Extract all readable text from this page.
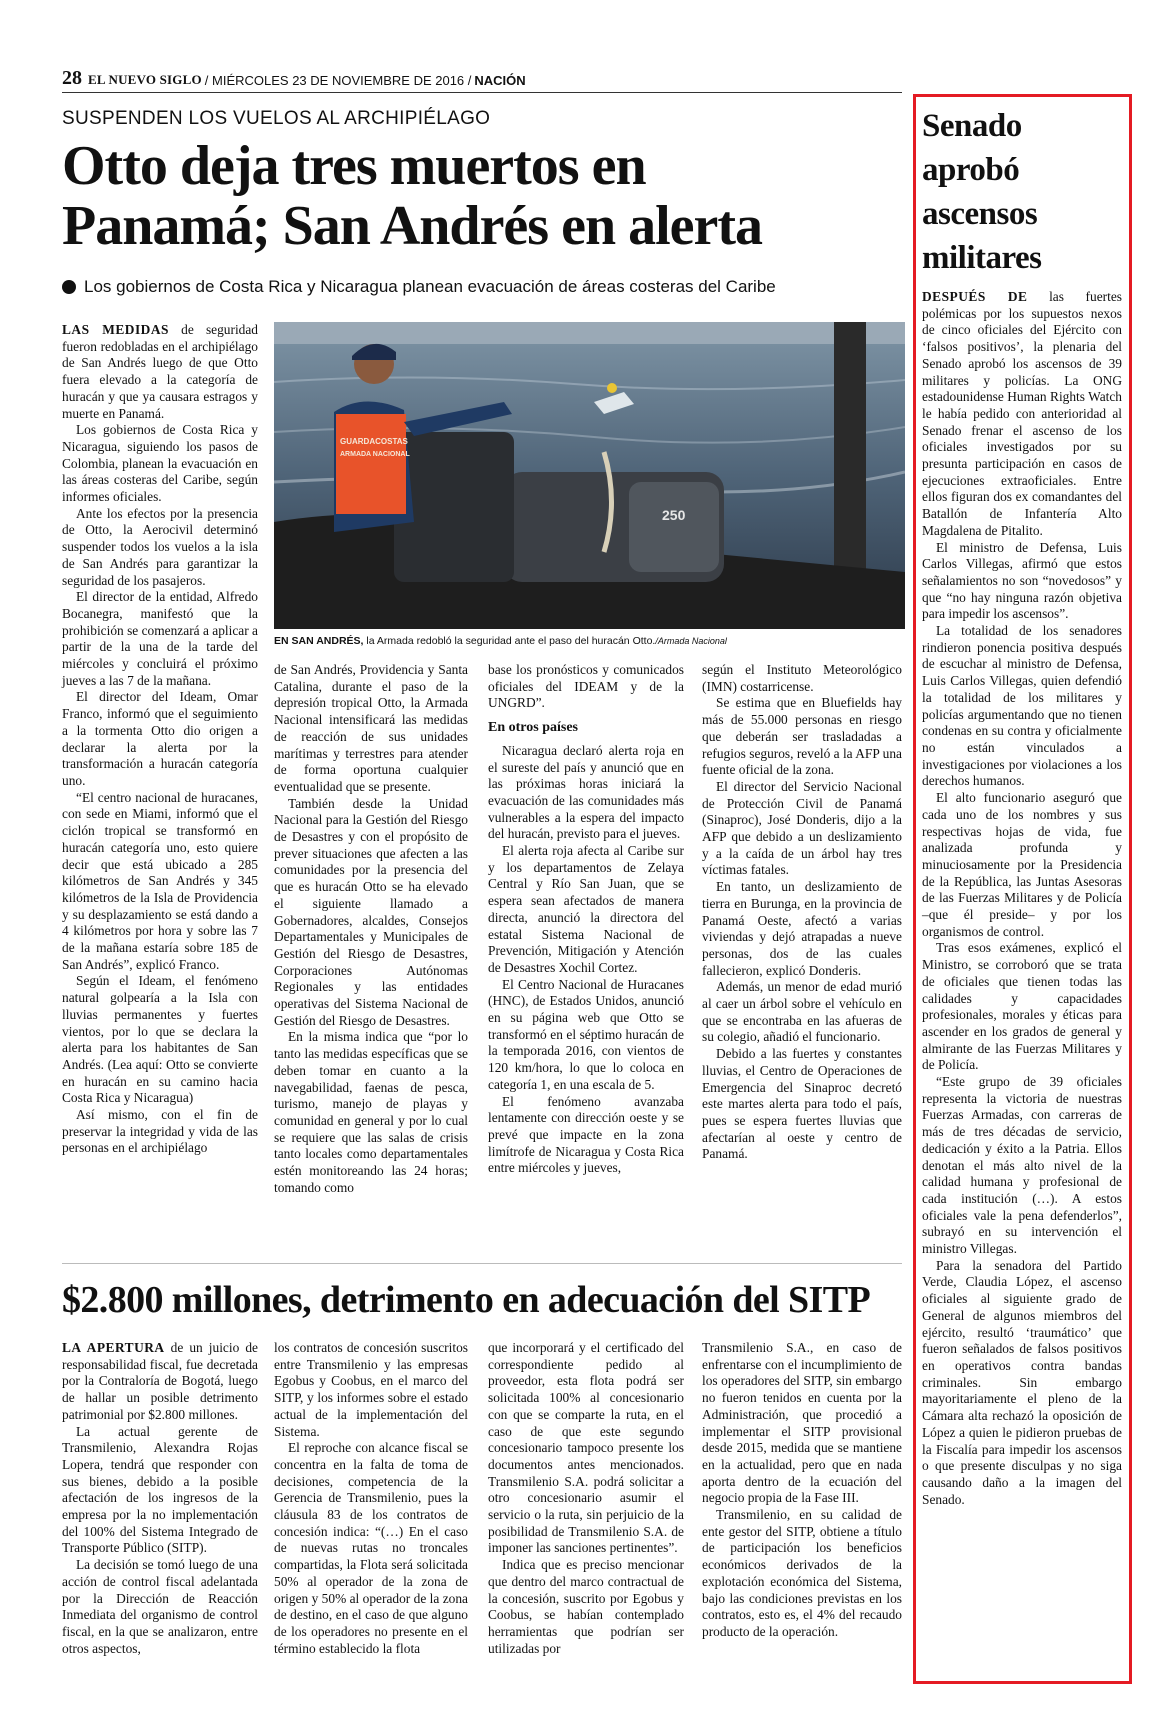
28 EL NUEVO SIGLO / MIÉRCOLES 23 DE NOVIEMBRE DE 2016 / NACIÓN
SUSPENDEN LOS VUELOS AL ARCHIPIÉLAGO
Otto deja tres muertos en
Panamá; San Andrés en alerta
Los gobiernos de Costa Rica y Nicaragua planean evacuación de áreas costeras del Caribe

LAS MEDIDAS de seguridad fueron redobladas en el archipiélago de San Andrés luego de que Otto fuera elevado a la categoría de huracán y que ya causara estragos y muerte en Panamá.

Los gobiernos de Costa Rica y Nicaragua, siguiendo los pasos de Colombia, planean la evacuación en las áreas costeras del Caribe, según informes oficiales.

Ante los efectos por la presencia de Otto, la Aerocivil determinó suspender todos los vuelos a la isla de San Andrés para garantizar la seguridad de los pasajeros.

El director de la entidad, Alfredo Bocanegra, manifestó que la prohibición se comenzará a aplicar a partir de la una de la tarde del miércoles y concluirá el próximo jueves a las 7 de la mañana.

El director del Ideam, Omar Franco, informó que el seguimiento a la tormenta Otto dio origen a declarar la alerta por la transformación a huracán categoría uno.

“El centro nacional de huracanes, con sede en Miami, informó que el ciclón tropical se transformó en huracán categoría uno, esto quiere decir que está ubicado a 285 kilómetros de San Andrés y 345 kilómetros de la Isla de Providencia y su desplazamiento se está dando a 4 kilómetros por hora y sobre las 7 de la mañana estaría sobre 185 de San Andrés”, explicó Franco.

Según el Ideam, el fenómeno natural golpearía a la Isla con lluvias permanentes y fuertes vientos, por lo que se declara la alerta para los habitantes de San Andrés. (Lea aquí: Otto se convierte en huracán en su camino hacia Costa Rica y Nicaragua)

Así mismo, con el fin de preservar la integridad y vida de las personas en el archipiélago

250
GUARDACOSTAS
ARMADA NACIONAL
EN SAN ANDRÉS, la Armada redobló la seguridad ante el paso del huracán Otto./Armada Nacional

de San Andrés, Providencia y Santa Catalina, durante el paso de la depresión tropical Otto, la Armada Nacional intensificará las medidas de reacción de sus unidades marítimas y terrestres para atender de forma oportuna cualquier eventualidad que se presente.

También desde la Unidad Nacional para la Gestión del Riesgo de Desastres y con el propósito de prever situaciones que afecten a las comunidades por la presencia del que es huracán Otto se ha elevado el siguiente llamado a Gobernadores, alcaldes, Consejos Departamentales y Municipales de Gestión del Riesgo de Desastres, Corporaciones Autónomas Regionales y las entidades operativas del Sistema Nacional de Gestión del Riesgo de Desastres.

En la misma indica que “por lo tanto las medidas específicas que se deben tomar en cuanto a la navegabilidad, faenas de pesca, turismo, manejo de playas y comunidad en general y por lo cual se requiere que las salas de crisis tanto locales como departamentales estén monitoreando las 24 horas; tomando como

base los pronósticos y comunicados oficiales del IDEAM y de la UNGRD”.

En otros países

Nicaragua declaró alerta roja en el sureste del país y anunció que en las próximas horas iniciará la evacuación de las comunidades más vulnerables a la espera del impacto del huracán, previsto para el jueves.

El alerta roja afecta al Caribe sur y los departamentos de Zelaya Central y Río San Juan, que se espera sean afectados de manera directa, anunció la directora del estatal Sistema Nacional de Prevención, Mitigación y Atención de Desastres Xochil Cortez.

El Centro Nacional de Huracanes (HNC), de Estados Unidos, anunció en su página web que Otto se transformó en el séptimo huracán de la temporada 2016, con vientos de 120 km/hora, lo que lo coloca en categoría 1, en una escala de 5.

El fenómeno avanzaba lentamente con dirección oeste y se prevé que impacte en la zona limítrofe de Nicaragua y Costa Rica entre miércoles y jueves,

según el Instituto Meteorológico (IMN) costarricense.

Se estima que en Bluefields hay más de 55.000 personas en riesgo que deberán ser trasladadas a refugios seguros, reveló a la AFP una fuente oficial de la zona.

El director del Servicio Nacional de Protección Civil de Panamá (Sinaproc), José Donderis, dijo a la AFP que debido a un deslizamiento y a la caída de un árbol hay tres víctimas fatales.

En tanto, un deslizamiento de tierra en Burunga, en la provincia de Panamá Oeste, afectó a varias viviendas y dejó atrapadas a nueve personas, dos de las cuales fallecieron, explicó Donderis.

Además, un menor de edad murió al caer un árbol sobre el vehículo en que se encontraba en las afueras de su colegio, añadió el funcionario.

Debido a las fuertes y constantes lluvias, el Centro de Operaciones de Emergencia del Sinaproc decretó este martes alerta para todo el país, pues se espera fuertes lluvias que afectarían al oeste y centro de Panamá.

$2.800 millones, detrimento en adecuación del SITP

LA APERTURA de un juicio de responsabilidad fiscal, fue decretada por la Contraloría de Bogotá, luego de hallar un posible detrimento patrimonial por $2.800 millones.

La actual gerente de Transmilenio, Alexandra Rojas Lopera, tendrá que responder con sus bienes, debido a la posible afectación de los ingresos de la empresa por la no implementación del 100% del Sistema Integrado de Transporte Público (SITP).

La decisión se tomó luego de una acción de control fiscal adelantada por la Dirección de Reacción Inmediata del organismo de control fiscal, en la que se analizaron, entre otros aspectos,

los contratos de concesión suscritos entre Transmilenio y las empresas Egobus y Coobus, en el marco del SITP, y los informes sobre el estado actual de la implementación del Sistema.

El reproche con alcance fiscal se concentra en la falta de toma de decisiones, competencia de la Gerencia de Transmilenio, pues la cláusula 83 de los contratos de concesión indica: “(…) En el caso de nuevas rutas no troncales compartidas, la Flota será solicitada 50% al operador de la zona de origen y 50% al operador de la zona de destino, en el caso de que alguno de los operadores no presente en el término establecido la flota

que incorporará y el certificado del correspondiente pedido al proveedor, esta flota podrá ser solicitada 100% al concesionario con que se comparte la ruta, en el caso de que este segundo concesionario tampoco presente los documentos antes mencionados. Transmilenio S.A. podrá solicitar a otro concesionario asumir el servicio o la ruta, sin perjuicio de la posibilidad de Transmilenio S.A. de imponer las sanciones pertinentes”.

Indica que es preciso mencionar que dentro del marco contractual de la concesión, suscrito por Egobus y Coobus, se habían contemplado herramientas que podrían ser utilizadas por

Transmilenio S.A., en caso de enfrentarse con el incumplimiento de los operadores del SITP, sin embargo no fueron tenidos en cuenta por la Administración, que procedió a implementar el SITP provisional desde 2015, medida que se mantiene en la actualidad, pero que en nada aporta dentro de la ecuación del negocio propia de la Fase III.

Transmilenio, en su calidad de ente gestor del SITP, obtiene a título de participación los beneficios económicos derivados de la explotación económica del Sistema, bajo las condiciones previstas en los contratos, esto es, el 4% del recaudo producto de la operación.

Senado
aprobó
ascensos
militares

DESPUÉS DE las fuertes polémicas por los supuestos nexos de cinco oficiales del Ejército con ‘falsos positivos’, la plenaria del Senado aprobó los ascensos de 39 militares y policías. La ONG estadounidense Human Rights Watch le había pedido con anterioridad al Senado frenar el ascenso de los oficiales investigados por su presunta participación en casos de ejecuciones extraoficiales. Entre ellos figuran dos ex comandantes del Batallón de Infantería Alto Magdalena de Pitalito.

El ministro de Defensa, Luis Carlos Villegas, afirmó que estos señalamientos no son “novedosos” y que “no hay ninguna razón objetiva para impedir los ascensos”.

La totalidad de los senadores rindieron ponencia positiva después de escuchar al ministro de Defensa, Luis Carlos Villegas, quien defendió la totalidad de los militares y policías argumentando que no tienen condenas en su contra y oficialmente no están vinculados a investigaciones por violaciones a los derechos humanos.

El alto funcionario aseguró que cada uno de los nombres y sus respectivas hojas de vida, fue analizada profunda y minuciosamente por la Presidencia de la República, las Juntas Asesoras de las Fuerzas Militares y de Policía –que él preside– y por los organismos de control.

Tras esos exámenes, explicó el Ministro, se corroboró que se trata de oficiales que tienen todas las calidades y capacidades profesionales, morales y éticas para ascender en los grados de general y almirante de las Fuerzas Militares y de Policía.

“Este grupo de 39 oficiales representa la victoria de nuestras Fuerzas Armadas, con carreras de más de tres décadas de servicio, dedicación y éxito a la Patria. Ellos denotan el más alto nivel de la calidad humana y profesional de cada institución (…). A estos oficiales vale la pena defenderlos”, subrayó en su intervención el ministro Villegas.

Para la senadora del Partido Verde, Claudia López, el ascenso oficiales al siguiente grado de General de algunos miembros del ejército, resultó ‘traumático’ que fueron señalados de falsos positivos en operativos contra bandas criminales. Sin embargo mayoritariamente el pleno de la Cámara alta rechazó la oposición de López a quien le pidieron pruebas de la Fiscalía para impedir los ascensos o que presente disculpas y no siga causando daño a la imagen del Senado.
